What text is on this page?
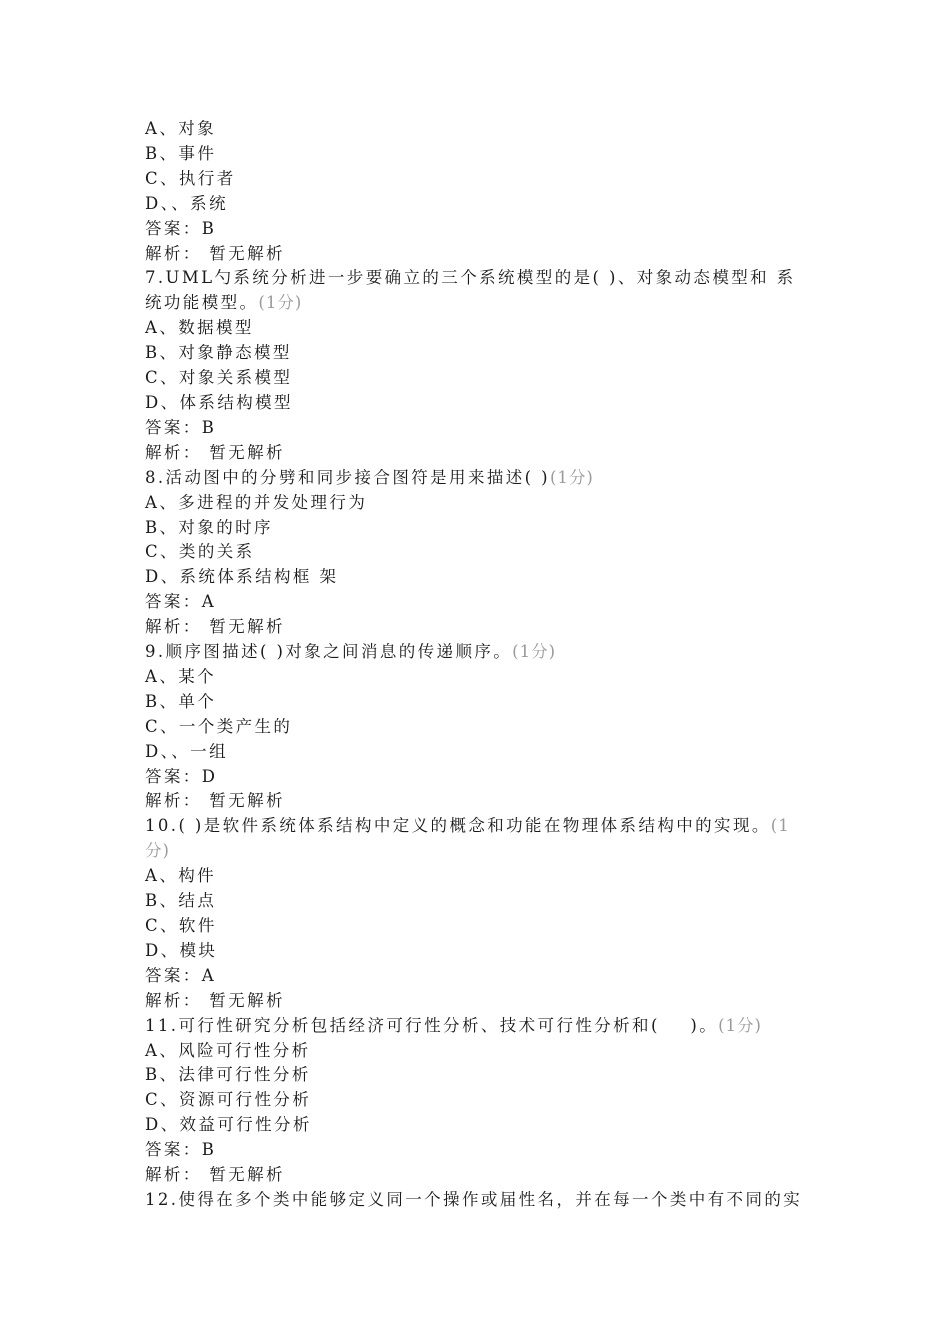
A、对象
B、事件
C、执行者
D、、系统
答案：B
解析： 暂无解析
7.UML勺系统分析进一步要确立的三个系统模型的是( )、对象动态模型和 系
统功能模型。(1分)
A、数据模型
B、对象静态模型
C、对象关系模型
D、体系结构模型
答案：B
解析： 暂无解析
8.活动图中的分劈和同步接合图符是用来描述( )(1分)
A、多进程的并发处理行为
B、对象的时序
C、类的关系
D、系统体系结构框 架
答案：A
解析： 暂无解析
9.顺序图描述( )对象之间消息的传递顺序。(1分)
A、某个
B、单个
C、一个类产生的
D、、一组
答案：D
解析： 暂无解析
10.( )是软件系统体系结构中定义的概念和功能在物理体系结构中的实现。(1
分)
A、构件
B、结点
C、软件
D、模块
答案：A
解析： 暂无解析
11.可行性研究分析包括经济可行性分析、技术可行性分析和(    )。(1分)
A、风险可行性分析
B、法律可行性分析
C、资源可行性分析
D、效益可行性分析
答案：B
解析： 暂无解析
12.使得在多个类中能够定义同一个操作或届性名，并在每一个类中有不同的实
